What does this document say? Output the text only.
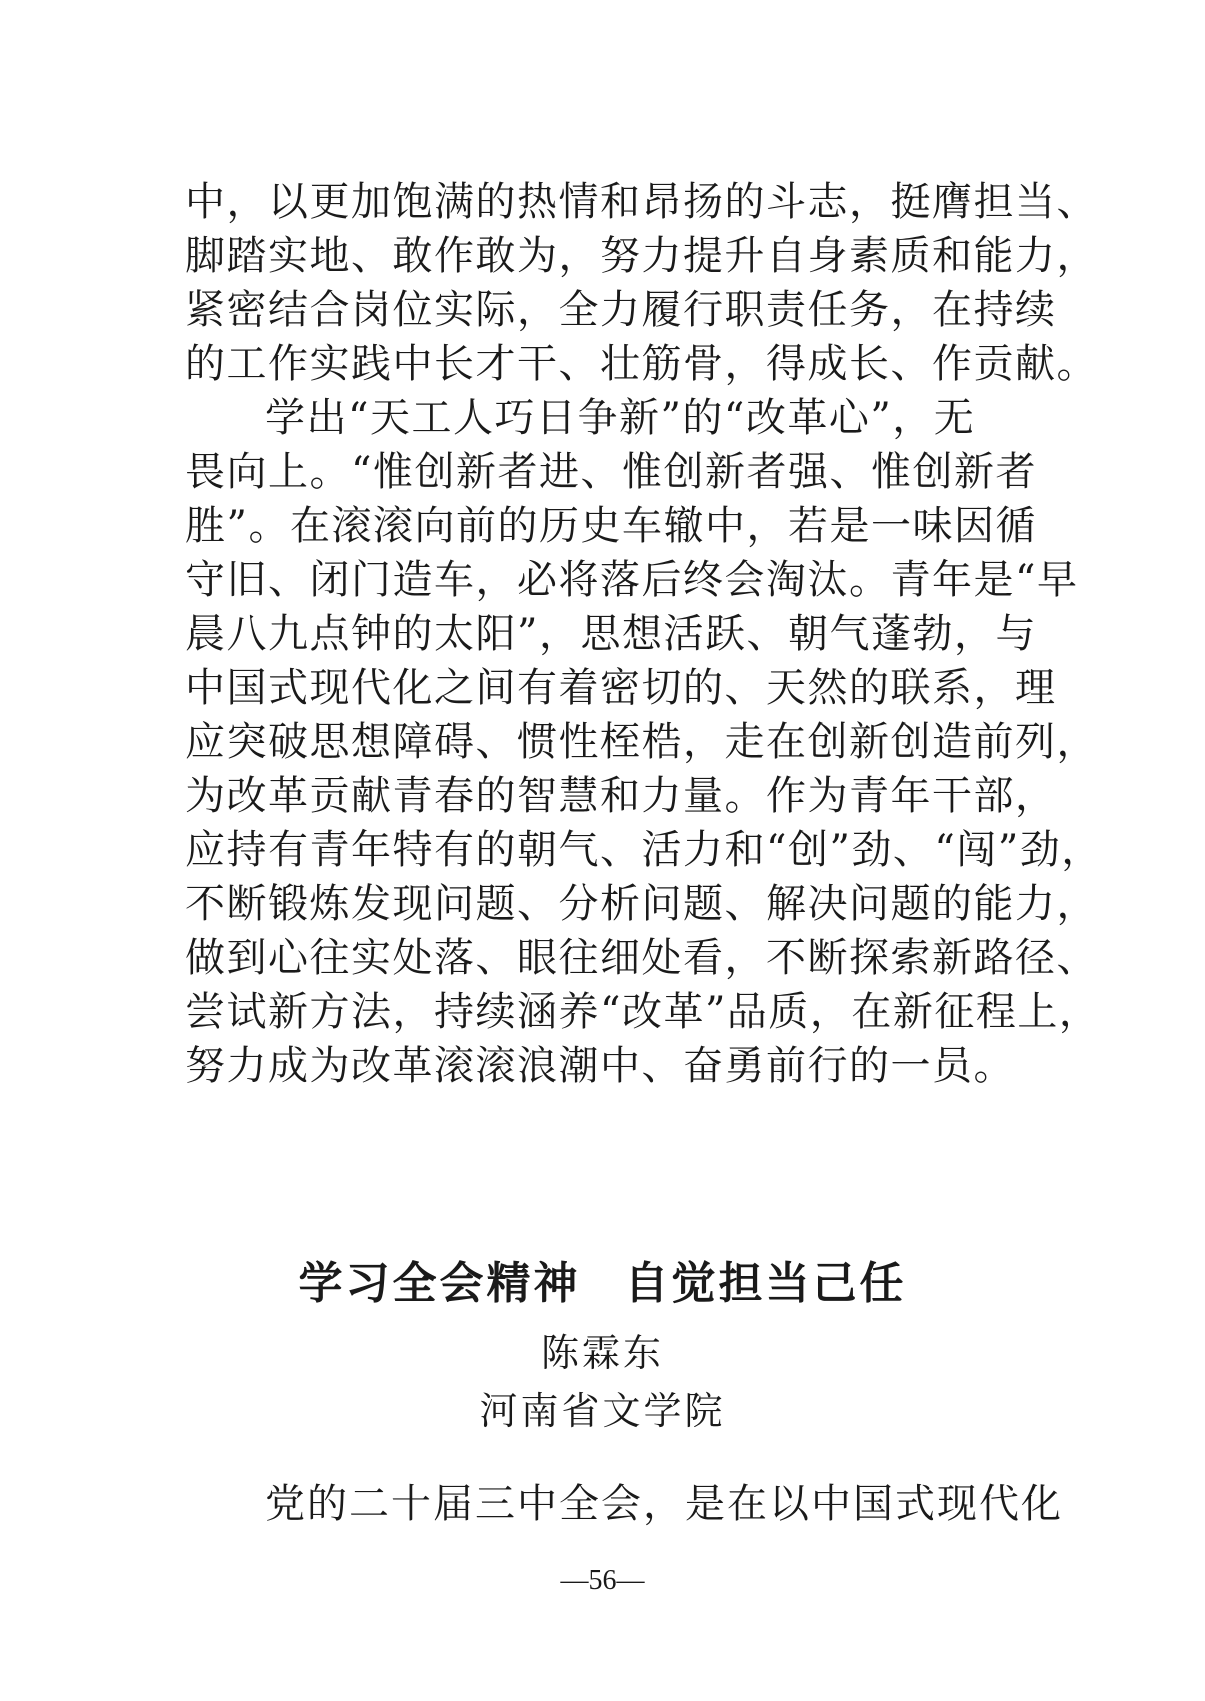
中，以更加饱满的热情和昂扬的斗志，挺膺担当、
脚踏实地、敢作敢为，努力提升自身素质和能力，
紧密结合岗位实际，全力履行职责任务，在持续
的工作实践中长才干、壮筋骨，得成长、作贡献。
学出“天工人巧日争新”的“改革心”，无
畏向上。“惟创新者进、惟创新者强、惟创新者
胜”。在滚滚向前的历史车辙中，若是一味因循
守旧、闭门造车，必将落后终会淘汰。青年是“早
晨八九点钟的太阳”，思想活跃、朝气蓬勃，与
中国式现代化之间有着密切的、天然的联系，理
应突破思想障碍、惯性桎梏，走在创新创造前列，
为改革贡献青春的智慧和力量。作为青年干部，
应持有青年特有的朝气、活力和“创”劲、“闯”劲，
不断锻炼发现问题、分析问题、解决问题的能力，
做到心往实处落、眼往细处看，不断探索新路径、
尝试新方法，持续涵养“改革”品质，在新征程上，
努力成为改革滚滚浪潮中、奋勇前行的一员。
学习全会精神 自觉担当己任

陈霖东

河南省文学院

党的二十届三中全会，是在以中国式现代化

—56—
